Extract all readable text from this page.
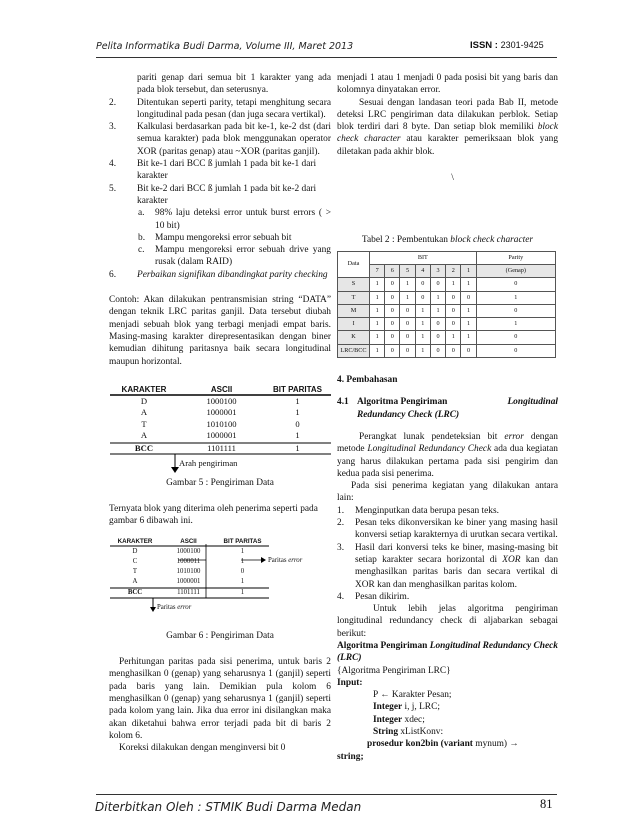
Pelita Informatika Budi Darma, Volume III, Maret 2013	ISSN : 2301-9425
pariti genap dari semua bit 1 karakter yang ada pada blok tersebut, dan seterusnya.
2.	Ditentukan seperti parity, tetapi menghitung secara longitudinal pada pesan (dan juga secara vertikal).
3.	Kalkulasi berdasarkan pada bit ke-1, ke-2 dst (dari semua karakter) pada blok menggunakan operator XOR (paritas genap) atau ~XOR (paritas ganjil).
4.	Bit ke-1 dari BCC ß jumlah 1 pada bit ke-1 dari karakter
5.	Bit ke-2 dari BCC ß jumlah 1 pada bit ke-2 dari karakter
a.	98% laju deteksi error untuk burst errors ( > 10 bit)
b.	Mampu mengoreksi error sebuah bit
c.	Mampu mengoreksi error sebuah drive yang rusak (dalam RAID)
6.	Perbaikan signifikan dibandingkat parity checking

Contoh: Akan dilakukan pentransmisian string “DATA” dengan teknik LRC paritas ganjil. Data tersebut diubah menjadi sebuah blok yang terbagi menjadi empat baris. Masing-masing karakter direpresentasikan dengan biner kemudian dihitung paritasnya baik secara longitudinal maupun horizontal.

KARAKTER	ASCII	BIT PARITAS
D	1000100	1
A	1000001	1
T	1010100	0
A	1000001	1
BCC	1101111	1
Arah pengiriman

Gambar 5 : Pengiriman Data

Ternyata blok yang diterima oleh penerima seperti pada gambar 6 dibawah ini.

KARAKTER	ASCII	BIT PARITAS
D	1000100	1
C	1000011	1
T	1010100	0
A	1000001	1
BCC	1101111	1
Paritas error
Paritas error

Gambar 6 : Pengiriman Data

Perhitungan paritas pada sisi penerima, untuk baris 2 menghasilkan 0 (genap) yang seharusnya 1 (ganjil) seperti pada baris yang lain. Demikian pula kolom 6 menghasilkan 0 (genap) yang seharusnya 1 (ganjil) seperti pada kolom yang lain. Jika dua error ini disilangkan maka akan diketahui bahwa error terjadi pada bit di baris 2 kolom 6.

Koreksi dilakukan dengan menginversi bit 0

menjadi 1 atau 1 menjadi 0 pada posisi bit yang baris dan kolomnya dinyatakan error.

Sesuai dengan landasan teori pada Bab II, metode deteksi LRC pengiriman data dilakukan perblok. Setiap blok terdiri dari 8 byte. Dan setiap blok memiliki block check character atau karakter pemeriksaan blok yang diletakan pada akhir blok.

\

Tabel 2 : Pembentukan block check character

Data	BIT							Parity
	7	6	5	4	3	2	1	(Genap)
S	1	0	1	0	0	1	1	0
T	1	0	1	0	1	0	0	1
M	1	0	0	1	1	0	1	0
I	1	0	0	1	0	0	1	1
K	1	0	0	1	0	1	1	0
LRC/BCC	1	0	0	1	0	0	0	0

4. Pembahasan

4.1 Algoritma Pengiriman	Longitudinal

Redundancy Check (LRC)

Perangkat lunak pendeteksian bit error dengan metode Longitudinal Redundancy Check ada dua kegiatan yang harus dilakukan pertama pada sisi pengirim dan kedua pada sisi penerima.

Pada sisi penerima kegiatan yang dilakukan antara lain:

1.	Menginputkan data berupa pesan teks.
2.	Pesan teks dikonversikan ke biner yang masing hasil konversi setiap karakternya di urutkan secara vertikal.
3.	Hasil dari konversi teks ke biner, masing-masing bit setiap karakter secara horizontal di XOR kan dan menghasilkan paritas baris dan secara vertikal di XOR kan dan menghasilkan paritas kolom.
4.	Pesan dikirim.

Untuk lebih jelas algoritma pengiriman longitudinal redundancy check di aljabarkan sebagai berikut:

Algoritma Pengiriman Longitudinal Redundancy Check (LRC)

{Algoritma Pengiriman LRC}

Input:

P ← Karakter Pesan;

Integer i, j, LRC;

Integer xdec;

String xListKonv:

prosedur kon2bin (variant mynum) →

string;

Diterbitkan Oleh : STMIK Budi Darma Medan	81
